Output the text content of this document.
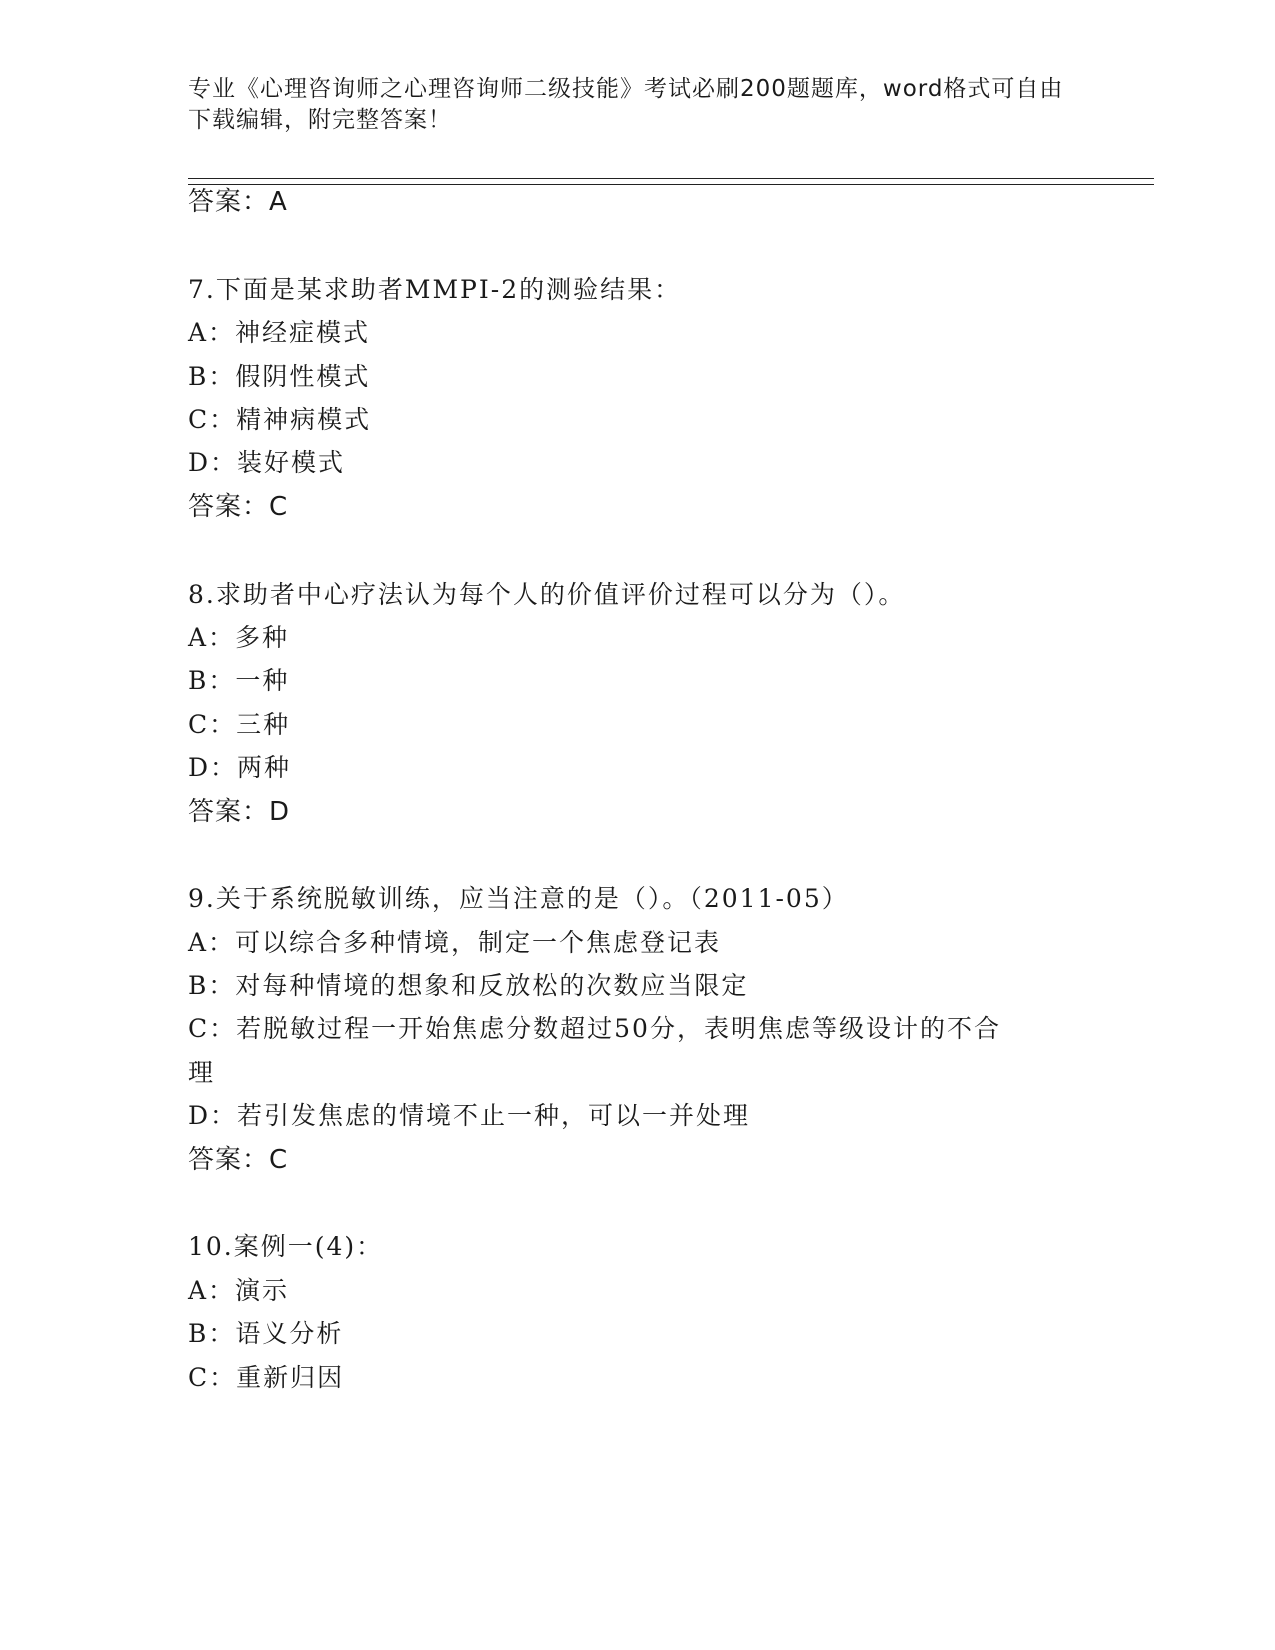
专业《心理咨询师之心理咨询师二级技能》考试必刷200题题库，word格式可自由下载编辑，附完整答案！
答案：A
7.下面是某求助者MMPI-2的测验结果：
A：神经症模式
B：假阴性模式
C：精神病模式
D：装好模式
答案：C
8.求助者中心疗法认为每个人的价值评价过程可以分为（）。
A：多种
B：一种
C：三种
D：两种
答案：D
9.关于系统脱敏训练，应当注意的是（）。（2011-05）
A：可以综合多种情境，制定一个焦虑登记表
B：对每种情境的想象和反放松的次数应当限定
C：若脱敏过程一开始焦虑分数超过50分，表明焦虑等级设计的不合
理
D：若引发焦虑的情境不止一种，可以一并处理
答案：C
10.案例一(4)：
A：演示
B：语义分析
C：重新归因
